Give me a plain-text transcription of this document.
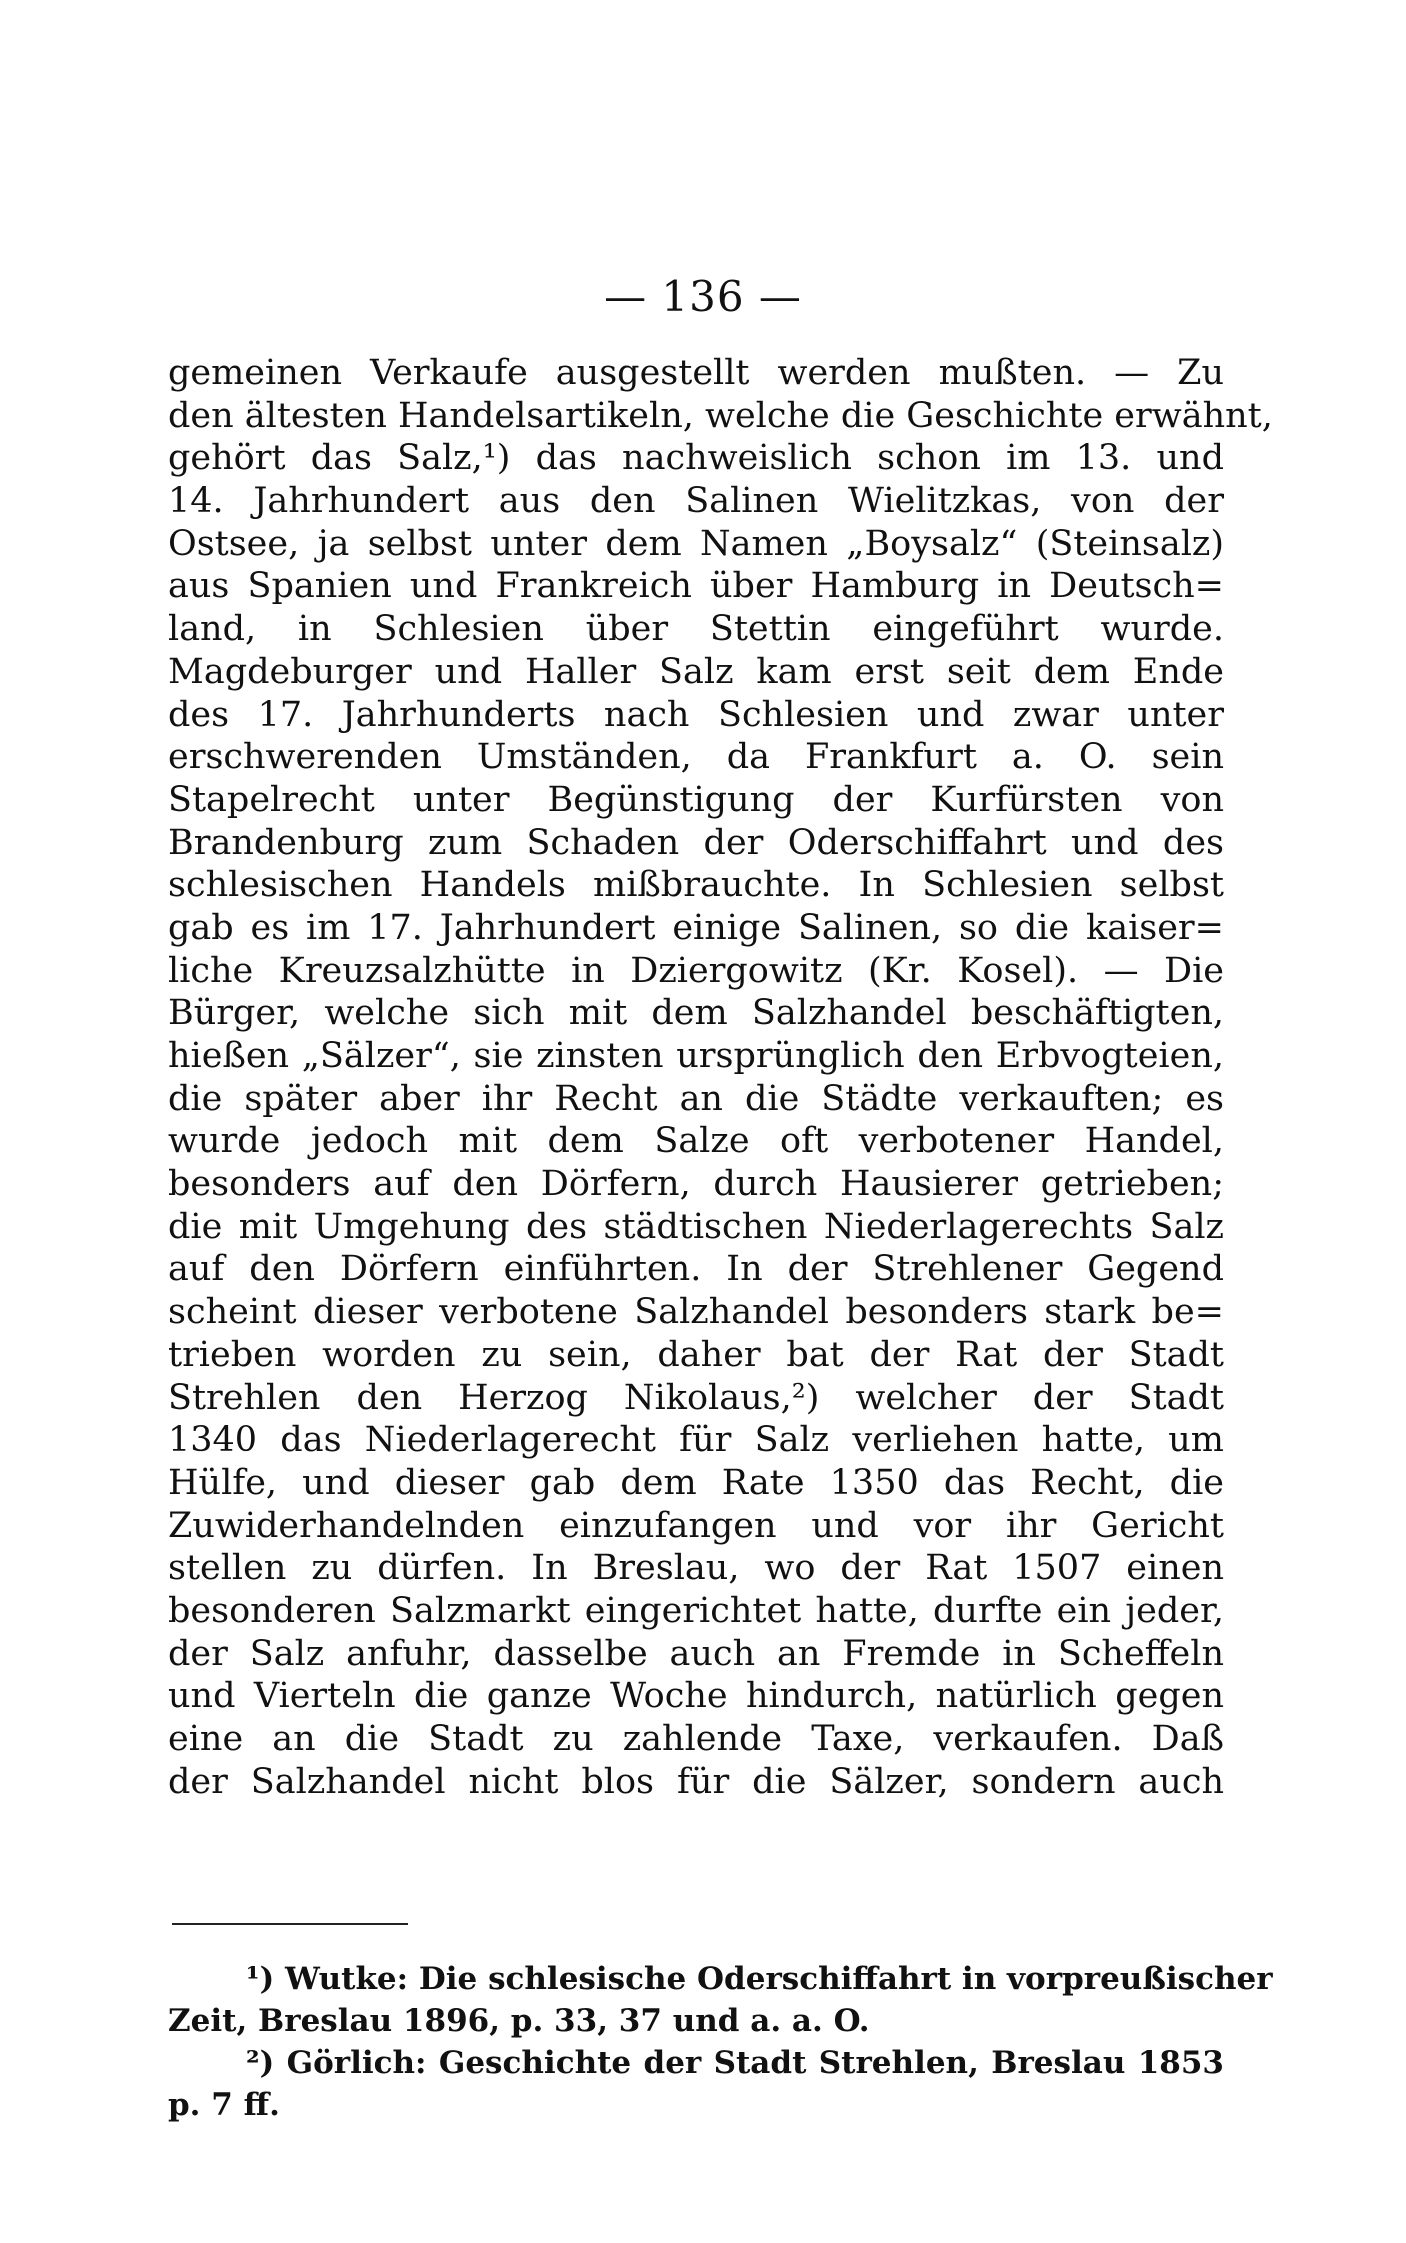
— 136 —
gemeinen Verkaufe ausgestellt werden mußten. — Zu
den ältesten Handelsartikeln, welche die Geschichte erwähnt,
gehört das Salz,¹) das nachweislich schon im 13. und
14. Jahrhundert aus den Salinen Wielitzkas, von der
Ostsee, ja selbst unter dem Namen „Boysalz“ (Steinsalz)
aus Spanien und Frankreich über Hamburg in Deutsch=
land, in Schlesien über Stettin eingeführt wurde.
Magdeburger und Haller Salz kam erst seit dem Ende
des 17. Jahrhunderts nach Schlesien und zwar unter
erschwerenden Umständen, da Frankfurt a. O. sein
Stapelrecht unter Begünstigung der Kurfürsten von
Brandenburg zum Schaden der Oderschiffahrt und des
schlesischen Handels mißbrauchte. In Schlesien selbst
gab es im 17. Jahrhundert einige Salinen, so die kaiser=
liche Kreuzsalzhütte in Dziergowitz (Kr. Kosel). — Die
Bürger, welche sich mit dem Salzhandel beschäftigten,
hießen „Sälzer“, sie zinsten ursprünglich den Erbvogteien,
die später aber ihr Recht an die Städte verkauften; es
wurde jedoch mit dem Salze oft verbotener Handel,
besonders auf den Dörfern, durch Hausierer getrieben;
die mit Umgehung des städtischen Niederlagerechts Salz
auf den Dörfern einführten. In der Strehlener Gegend
scheint dieser verbotene Salzhandel besonders stark be=
trieben worden zu sein, daher bat der Rat der Stadt
Strehlen den Herzog Nikolaus,²) welcher der Stadt
1340 das Niederlagerecht für Salz verliehen hatte, um
Hülfe, und dieser gab dem Rate 1350 das Recht, die
Zuwiderhandelnden einzufangen und vor ihr Gericht
stellen zu dürfen. In Breslau, wo der Rat 1507 einen
besonderen Salzmarkt eingerichtet hatte, durfte ein jeder,
der Salz anfuhr, dasselbe auch an Fremde in Scheffeln
und Vierteln die ganze Woche hindurch, natürlich gegen
eine an die Stadt zu zahlende Taxe, verkaufen. Daß
der Salzhandel nicht blos für die Sälzer, sondern auch
¹) Wutke: Die schlesische Oderschiffahrt in vorpreußischer
Zeit, Breslau 1896, p. 33, 37 und a. a. O.
²) Görlich: Geschichte der Stadt Strehlen, Breslau 1853
p. 7 ff.
